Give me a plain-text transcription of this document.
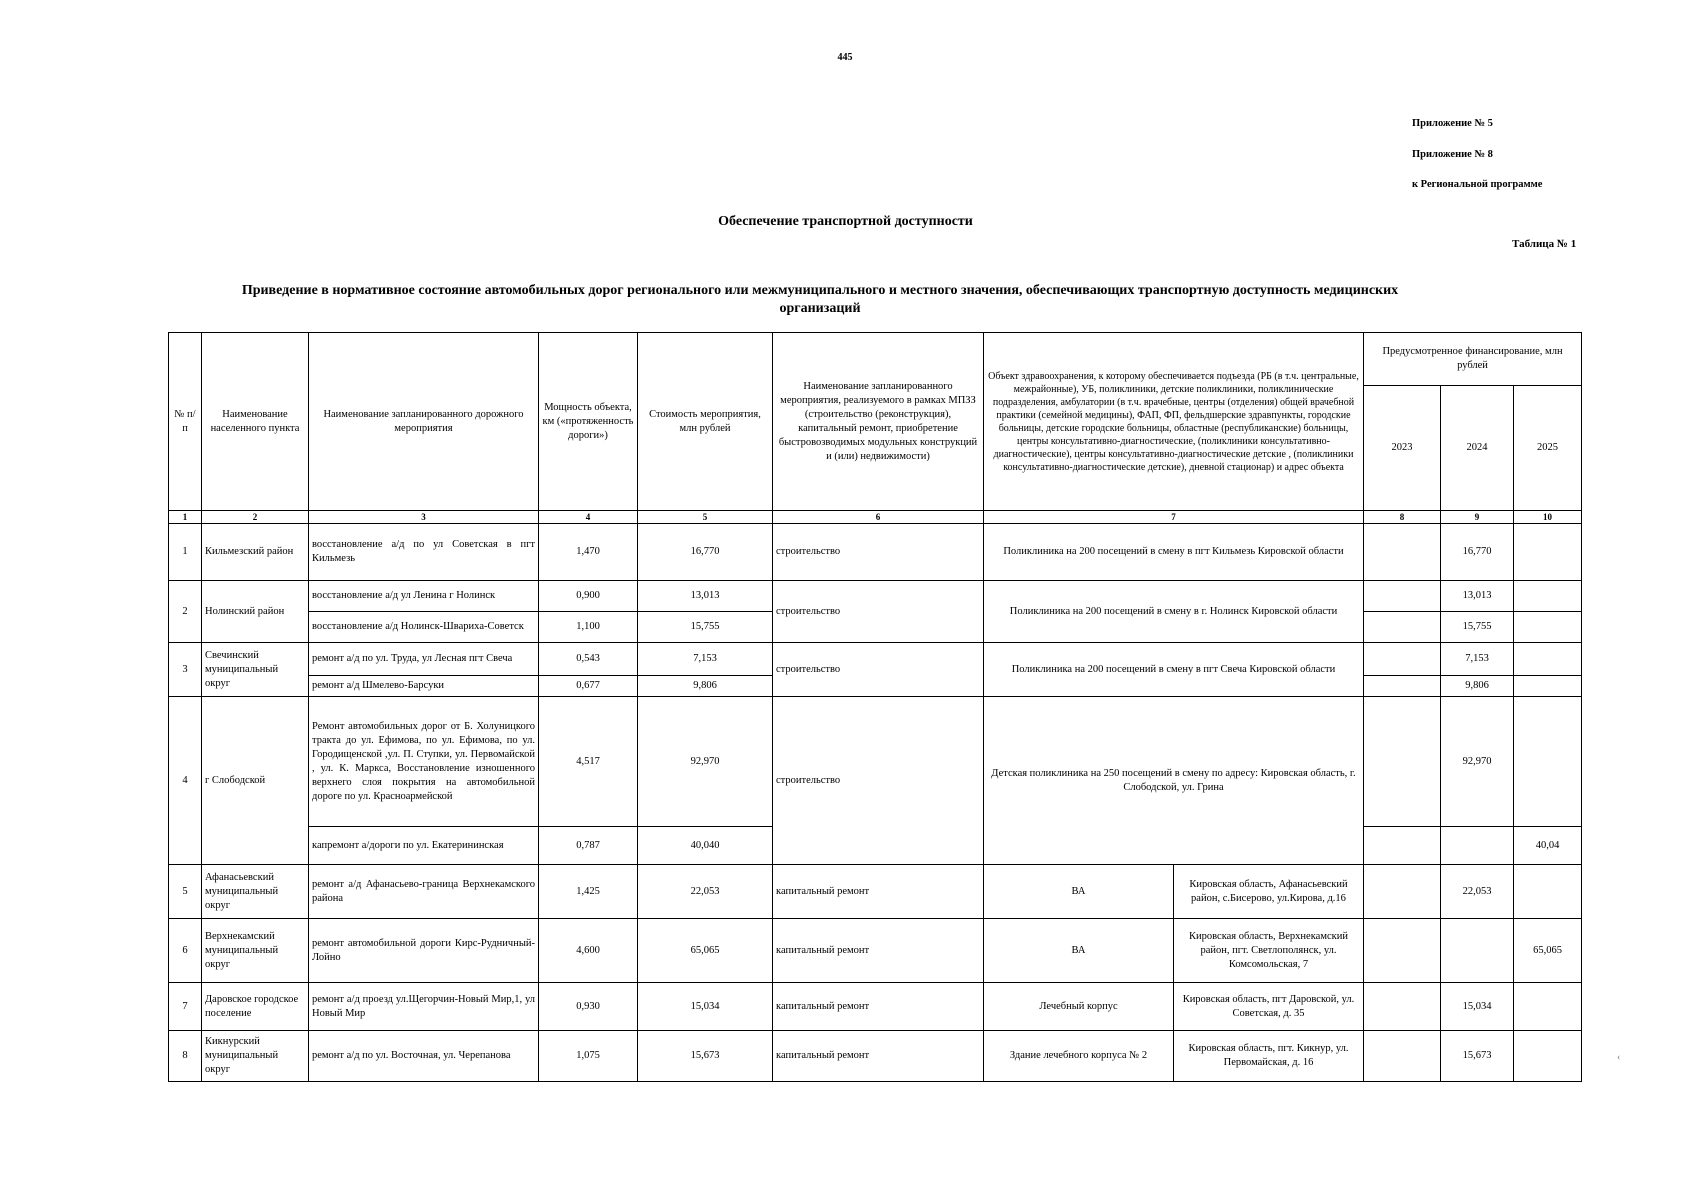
445
Приложение № 5
Приложение № 8
к Региональной программе
Обеспечение транспортной доступности
Таблица № 1
Приведение в нормативное состояние автомобильных дорог регионального или межмуниципального и местного значения, обеспечивающих транспортную доступность медицинских организаций
№ п/п	Наименование населенного пункта	Наименование запланированного дорожного мероприятия	Мощность объекта, км («протяженность дороги»)	Стоимость мероприятия, млн рублей	Наименование запланированного мероприятия, реализуемого в рамках МПЗЗ (строительство (реконструкция), капитальный ремонт, приобретение быстровозводимых модульных конструкций и (или) недвижимости)	Объект здравоохранения, к которому обеспечивается подъезда (РБ (в т.ч. центральные, межрайонные), УБ, поликлиники, детские поликлиники, поликлинические подразделения, амбулатории (в т.ч. врачебные, центры (отделения) общей врачебной практики (семейной медицины), ФАП, ФП, фельдшерские здравпункты, городские больницы, детские городские больницы, областные (республиканские) больницы, центры консультативно-диагностические, (поликлиники консультативно-диагностические), центры консультативно-диагностические детские , (поликлиники консультативно-диагностические детские), дневной стационар) и адрес объекта		Предусмотренное финансирование, млн рублей		
								2023	2024	2025
1	2	3	4	5	6	7		8	9	10
1	Кильмезский район	восстановление а/д по ул Советская в пгт Кильмезь	1,470	16,770	строительство	Поликлиника на 200 посещений в смену в пгт Кильмезь Кировской области			16,770	
2	Нолинский район	восстановление а/д ул Ленина г Нолинск	0,900	13,013	строительство	Поликлиника на 200 посещений в смену в г. Нолинск Кировской области			13,013	
		восстановление а/д Нолинск-Шварихa-Советск	1,100	15,755					15,755	
3	Свечинский муниципальный округ	ремонт а/д по ул. Труда, ул Лесная пгт Свеча	0,543	7,153	строительство	Поликлиника на 200 посещений в смену в пгт Свеча Кировской области			7,153	
		ремонт а/д Шмелево-Барсуки	0,677	9,806					9,806	
4	г Слободской	Ремонт автомобильных дорог от Б. Холуницкого тракта до ул. Ефимова, по ул. Ефимова, по ул. Городищенской ,ул. П. Ступки, ул. Первомайской , ул. К. Маркса, Восстановление изношенного верхнего слоя покрытия на автомобильной дороге по ул. Красноармейской	4,517	92,970	строительство	Детская поликлиника на 250 посещений в смену по адресу: Кировская область, г. Слободской, ул. Грина			92,970	
		капремонт а/дороги по ул. Екатерининская	0,787	40,040						40,04
5	Афанасьевский муниципальный округ	ремонт а/д Афанасьево-граница Верхнекамского района	1,425	22,053	капитальный ремонт	ВА	Кировская область, Афанасьевский район, с.Бисерово, ул.Кирова, д.16		22,053	
6	Верхнекамский муниципальный округ	ремонт автомобильной дороги Кирс-Рудничный-Лойно	4,600	65,065	капитальный ремонт	ВА	Кировская область, Верхнекамский район, пгт. Светлополянск, ул. Комсомольская, 7			65,065
7	Даровское городское поселение	ремонт а/д проезд ул.Щегорчин-Новый Мир,1, ул Новый Мир	0,930	15,034	капитальный ремонт	Лечебный корпус	Кировская область, пгт Даровской, ул. Советская, д. 35		15,034	
8	Кикнурский муниципальный округ	ремонт а/д по ул. Восточная, ул. Черепанова	1,075	15,673	капитальный ремонт	Здание лечебного корпуса № 2	Кировская область, пгт. Кикнур, ул. Первомайская, д. 16		15,673		‹
